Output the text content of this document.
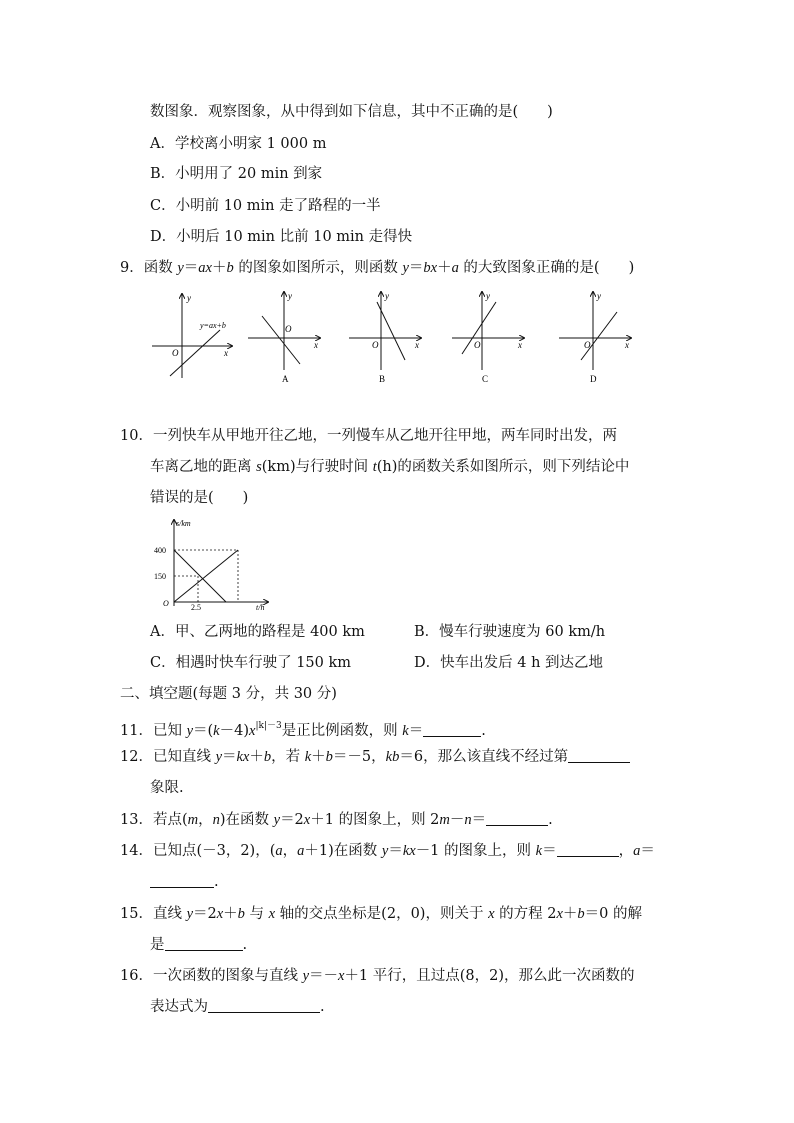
数图象．观察图象，从中得到如下信息，其中不正确的是(　　)
A．学校离小明家 1 000 m
B．小明用了 20 min 到家
C．小明前 10 min 走了路程的一半
D．小明后 10 min 比前 10 min 走得快
9．函数 y＝ax＋b 的图象如图所示，则函数 y＝bx＋a 的大致图象正确的是(　　)
y
x
O
y=ax+b
y
x
O
A
y
x
O
B
y
x
O
C
y
x
O
D
10．一列快车从甲地开往乙地，一列慢车从乙地开往甲地，两车同时出发，两
车离乙地的距离 s(km)与行驶时间 t(h)的函数关系如图所示，则下列结论中
错误的是(　　)
s/km
t/h
O
400
150
2.5
A．甲、乙两地的路程是 400 km	B．慢车行驶速度为 60 km/h
C．相遇时快车行驶了 150 km	D．快车出发后 4 h 到达乙地
二、填空题(每题 3 分，共 30 分)
11．已知 $y=(k-4)x^{|k|-3}$是正比例函数，则 k＝	.
12．已知直线 y＝kx＋b，若 k＋b＝－5，kb＝6，那么该直线不经过第
象限.
13．若点(m，n)在函数 y＝2x＋1 的图象上，则 2m－n＝	.
14．已知点(－3，2)，(a，a＋1)在函数 y＝kx－1 的图象上，则 k＝	，a＝
.
15．直线 y＝2x＋b 与 x 轴的交点坐标是(2，0)，则关于 x 的方程 2x＋b＝0 的解
是	.
16．一次函数的图象与直线 y＝－x＋1 平行，且过点(8，2)，那么此一次函数的
表达式为	.
